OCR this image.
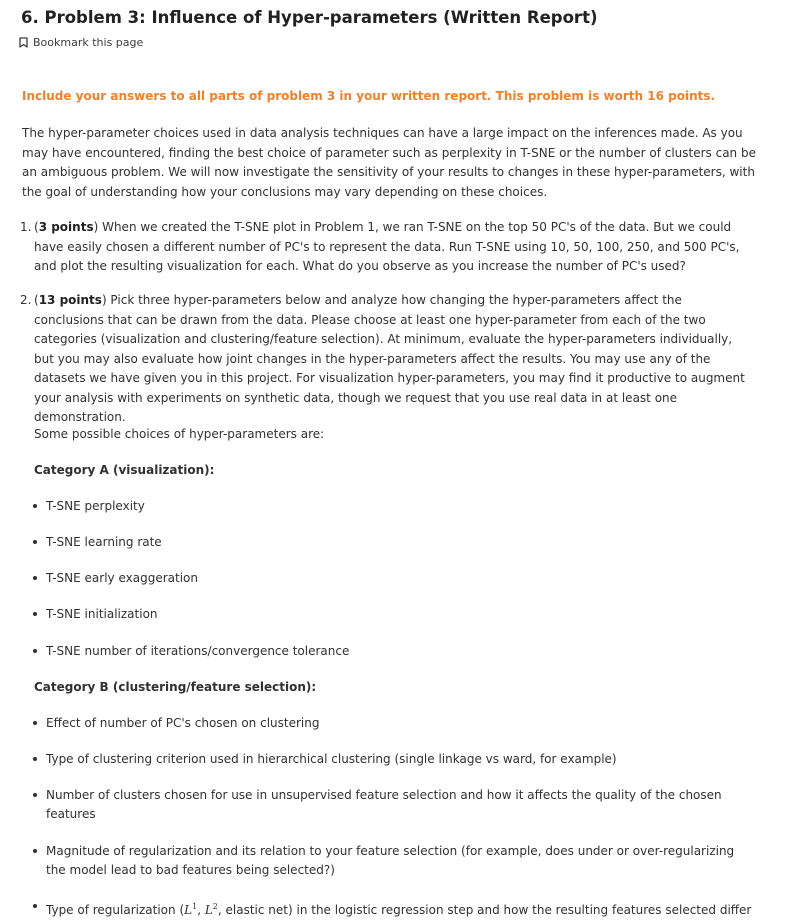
6. Problem 3: Influence of Hyper-parameters (Written Report)
Bookmark this page

Include your answers to all parts of problem 3 in your written report. This problem is worth 16 points.

The hyper-parameter choices used in data analysis techniques can have a large impact on the inferences made. As you may have encountered, finding the best choice of parameter such as perplexity in T-SNE or the number of clusters can be an ambiguous problem. We will now investigate the sensitivity of your results to changes in these hyper-parameters, with the goal of understanding how your conclusions may vary depending on these choices.

1. (3 points) When we created the T-SNE plot in Problem 1, we ran T-SNE on the top 50 PC's of the data. But we could have easily chosen a different number of PC's to represent the data. Run T-SNE using 10, 50, 100, 250, and 500 PC's, and plot the resulting visualization for each. What do you observe as you increase the number of PC's used?

2. (13 points) Pick three hyper-parameters below and analyze how changing the hyper-parameters affect the conclusions that can be drawn from the data. Please choose at least one hyper-parameter from each of the two categories (visualization and clustering/feature selection). At minimum, evaluate the hyper-parameters individually, but you may also evaluate how joint changes in the hyper-parameters affect the results. You may use any of the datasets we have given you in this project. For visualization hyper-parameters, you may find it productive to augment your analysis with experiments on synthetic data, though we request that you use real data in at least one demonstration.

Some possible choices of hyper-parameters are:

Category A (visualization):

T-SNE perplexity

T-SNE learning rate

T-SNE early exaggeration

T-SNE initialization

T-SNE number of iterations/convergence tolerance

Category B (clustering/feature selection):

Effect of number of PC's chosen on clustering

Type of clustering criterion used in hierarchical clustering (single linkage vs ward, for example)

Number of clusters chosen for use in unsupervised feature selection and how it affects the quality of the chosen features

Magnitude of regularization and its relation to your feature selection (for example, does under or over-regularizing the model lead to bad features being selected?)

Type of regularization ($L^1$, $L^2$, elastic net) in the logistic regression step and how the resulting features selected differ
